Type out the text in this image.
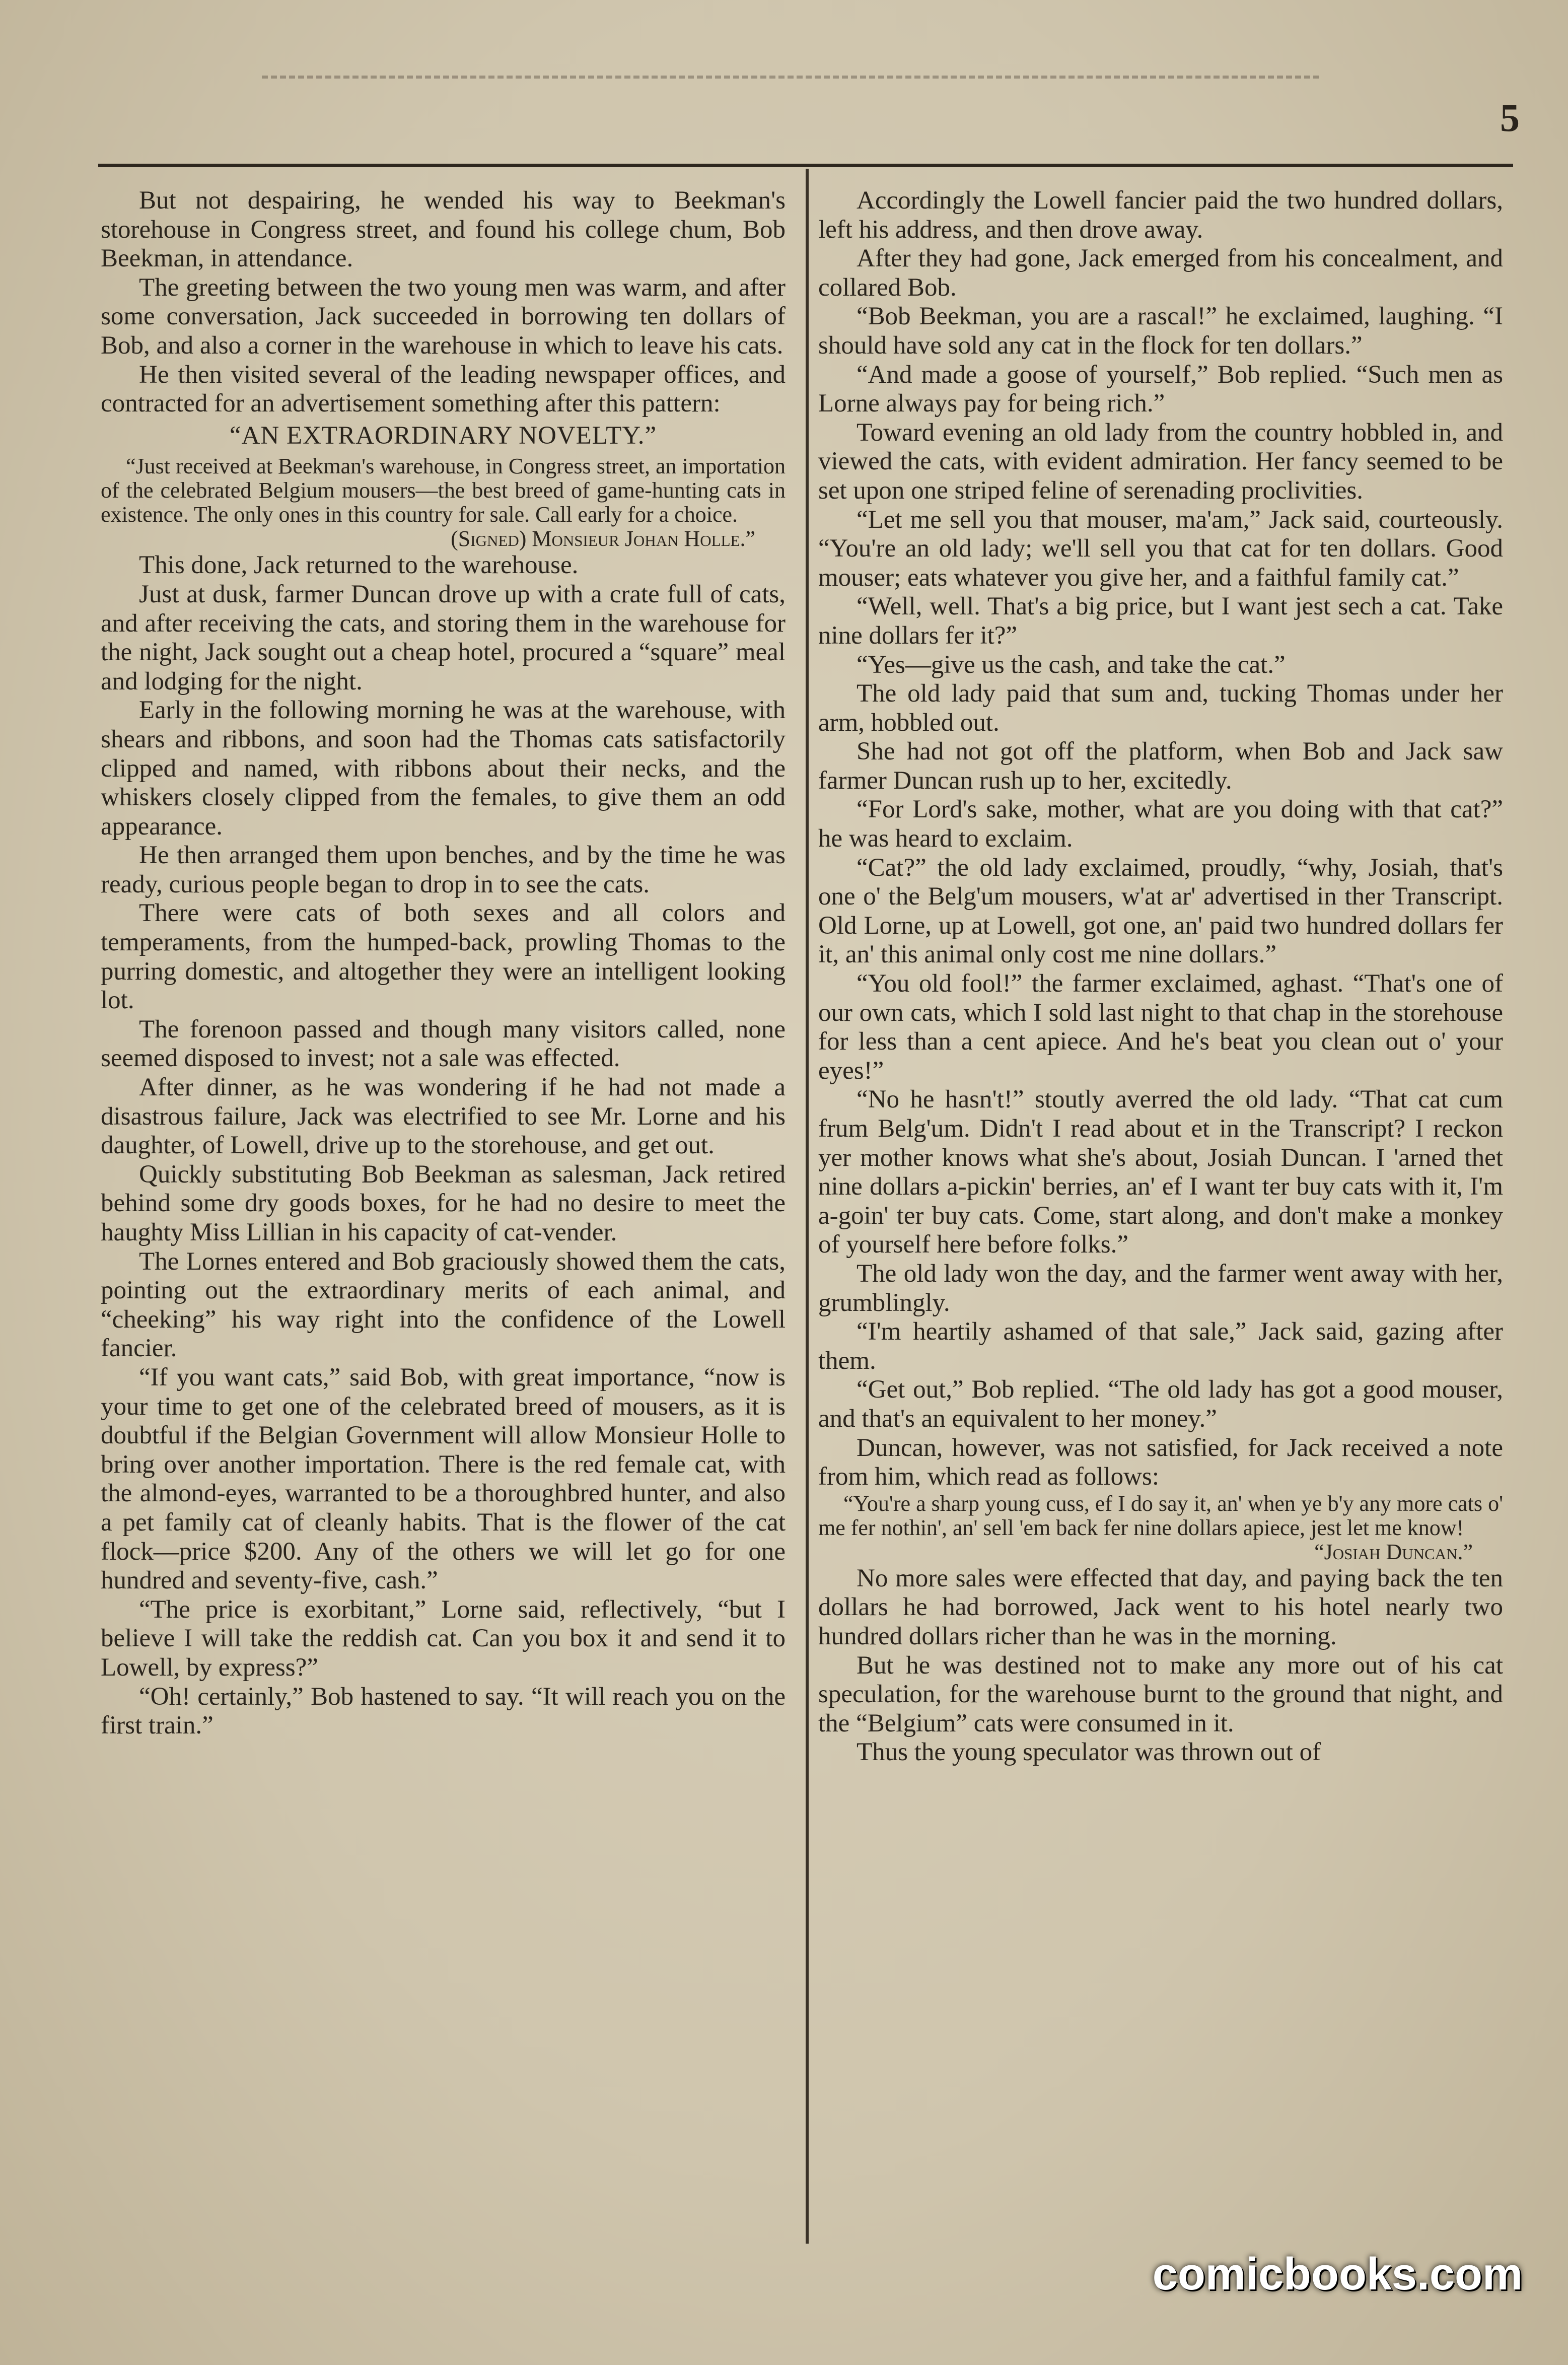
5

But not despairing, he wended his way to Beekman's storehouse in Congress street, and found his college chum, Bob Beekman, in attendance.

The greeting between the two young men was warm, and after some conversation, Jack succeeded in borrowing ten dollars of Bob, and also a corner in the warehouse in which to leave his cats.

He then visited several of the leading newspaper offices, and contracted for an advertisement something after this pattern:

“AN EXTRAORDINARY NOVELTY.”

“Just received at Beekman's warehouse, in Congress street, an importation of the celebrated Belgium mousers—the best breed of game-hunting cats in existence. The only ones in this country for sale. Call early for a choice.

(Signed) Monsieur Johan Holle.”

This done, Jack returned to the warehouse.

Just at dusk, farmer Duncan drove up with a crate full of cats, and after receiving the cats, and storing them in the warehouse for the night, Jack sought out a cheap hotel, procured a “square” meal and lodging for the night.

Early in the following morning he was at the warehouse, with shears and ribbons, and soon had the Thomas cats satisfactorily clipped and named, with ribbons about their necks, and the whiskers closely clipped from the females, to give them an odd appearance.

He then arranged them upon benches, and by the time he was ready, curious people began to drop in to see the cats.

There were cats of both sexes and all colors and temperaments, from the humped-back, prowling Thomas to the purring domestic, and altogether they were an intelligent looking lot.

The forenoon passed and though many visitors called, none seemed disposed to invest; not a sale was effected.

After dinner, as he was wondering if he had not made a disastrous failure, Jack was electrified to see Mr. Lorne and his daughter, of Lowell, drive up to the storehouse, and get out.

Quickly substituting Bob Beekman as salesman, Jack retired behind some dry goods boxes, for he had no desire to meet the haughty Miss Lillian in his capacity of cat-vender.

The Lornes entered and Bob graciously showed them the cats, pointing out the extraordinary merits of each animal, and “cheeking” his way right into the confidence of the Lowell fancier.

“If you want cats,” said Bob, with great importance, “now is your time to get one of the celebrated breed of mousers, as it is doubtful if the Belgian Government will allow Monsieur Holle to bring over another importation. There is the red female cat, with the almond-eyes, warranted to be a thoroughbred hunter, and also a pet family cat of cleanly habits. That is the flower of the cat flock—price $200. Any of the others we will let go for one hundred and seventy-five, cash.”

“The price is exorbitant,” Lorne said, reflectively, “but I believe I will take the reddish cat. Can you box it and send it to Lowell, by express?”

“Oh! certainly,” Bob hastened to say. “It will reach you on the first train.”

Accordingly the Lowell fancier paid the two hundred dollars, left his address, and then drove away.

After they had gone, Jack emerged from his concealment, and collared Bob.

“Bob Beekman, you are a rascal!” he exclaimed, laughing. “I should have sold any cat in the flock for ten dollars.”

“And made a goose of yourself,” Bob replied. “Such men as Lorne always pay for being rich.”

Toward evening an old lady from the country hobbled in, and viewed the cats, with evident admiration. Her fancy seemed to be set upon one striped feline of serenading proclivities.

“Let me sell you that mouser, ma'am,” Jack said, courteously. “You're an old lady; we'll sell you that cat for ten dollars. Good mouser; eats whatever you give her, and a faithful family cat.”

“Well, well. That's a big price, but I want jest sech a cat. Take nine dollars fer it?”

“Yes—give us the cash, and take the cat.”

The old lady paid that sum and, tucking Thomas under her arm, hobbled out.

She had not got off the platform, when Bob and Jack saw farmer Duncan rush up to her, excitedly.

“For Lord's sake, mother, what are you doing with that cat?” he was heard to exclaim.

“Cat?” the old lady exclaimed, proudly, “why, Josiah, that's one o' the Belg'um mousers, w'at ar' advertised in ther Transcript. Old Lorne, up at Lowell, got one, an' paid two hundred dollars fer it, an' this animal only cost me nine dollars.”

“You old fool!” the farmer exclaimed, aghast. “That's one of our own cats, which I sold last night to that chap in the storehouse for less than a cent apiece. And he's beat you clean out o' your eyes!”

“No he hasn't!” stoutly averred the old lady. “That cat cum frum Belg'um. Didn't I read about et in the Transcript? I reckon yer mother knows what she's about, Josiah Duncan. I 'arned thet nine dollars a-pickin' berries, an' ef I want ter buy cats with it, I'm a-goin' ter buy cats. Come, start along, and don't make a monkey of yourself here before folks.”

The old lady won the day, and the farmer went away with her, grumblingly.

“I'm heartily ashamed of that sale,” Jack said, gazing after them.

“Get out,” Bob replied. “The old lady has got a good mouser, and that's an equivalent to her money.”

Duncan, however, was not satisfied, for Jack received a note from him, which read as follows:

“You're a sharp young cuss, ef I do say it, an' when ye b'y any more cats o' me fer nothin', an' sell 'em back fer nine dollars apiece, jest let me know!

“Josiah Duncan.”

No more sales were effected that day, and paying back the ten dollars he had borrowed, Jack went to his hotel nearly two hundred dollars richer than he was in the morning.

But he was destined not to make any more out of his cat speculation, for the warehouse burnt to the ground that night, and the “Belgium” cats were consumed in it.

Thus the young speculator was thrown out of

comicbooks.com
